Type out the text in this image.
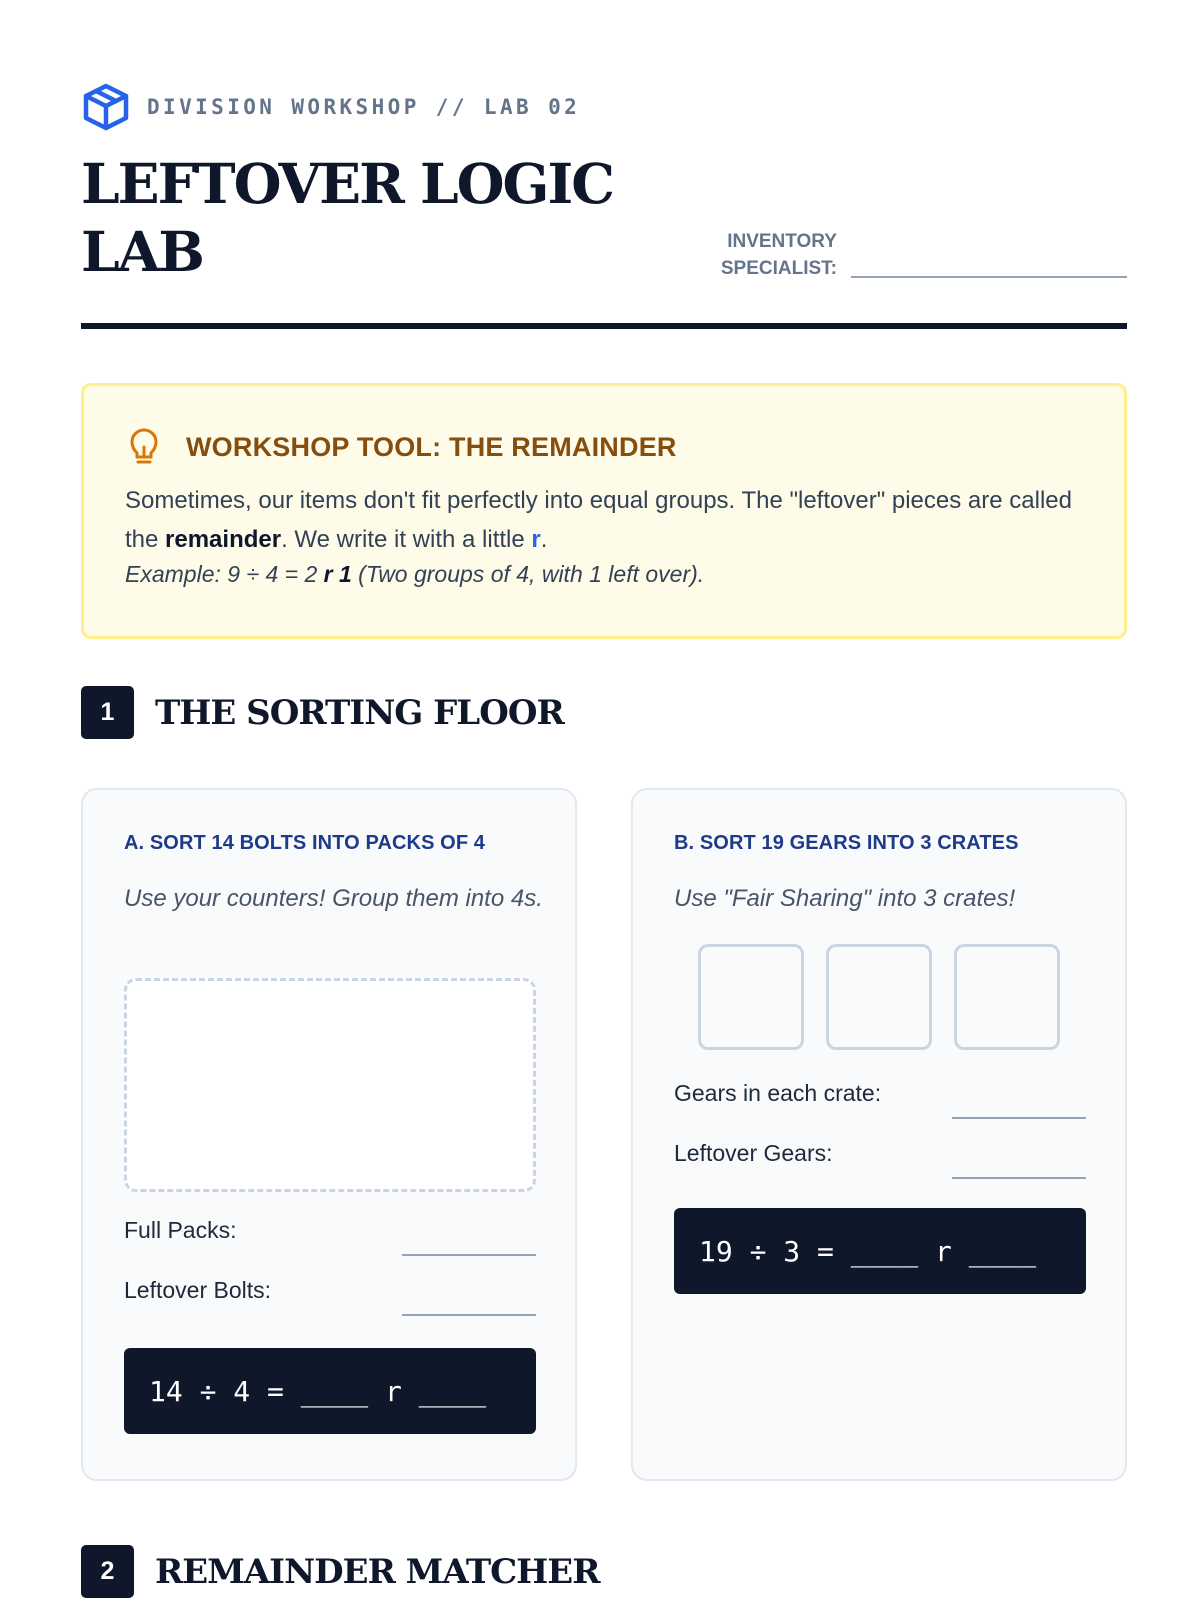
DIVISION WORKSHOP // LAB 02
LEFTOVER LOGIC LAB	INVENTORY SPECIALIST:
WORKSHOP TOOL: THE REMAINDER

Sometimes, our items don't fit perfectly into equal groups. The "leftover" pieces are called the remainder. We write it with a little r.

Example: 9 ÷ 4 = 2 r 1 (Two groups of 4, with 1 left over).

1	THE SORTING FLOOR
A. SORT 14 BOLTS INTO PACKS OF 4
Use your counters! Group them into 4s.
Full Packs:
Leftover Bolts:
14 ÷ 4 = ____ r ____
B. SORT 19 GEARS INTO 3 CRATES
Use "Fair Sharing" into 3 crates!
Gears in each crate:
Leftover Gears:
19 ÷ 3 = ____ r ____
2	REMAINDER MATCHER
